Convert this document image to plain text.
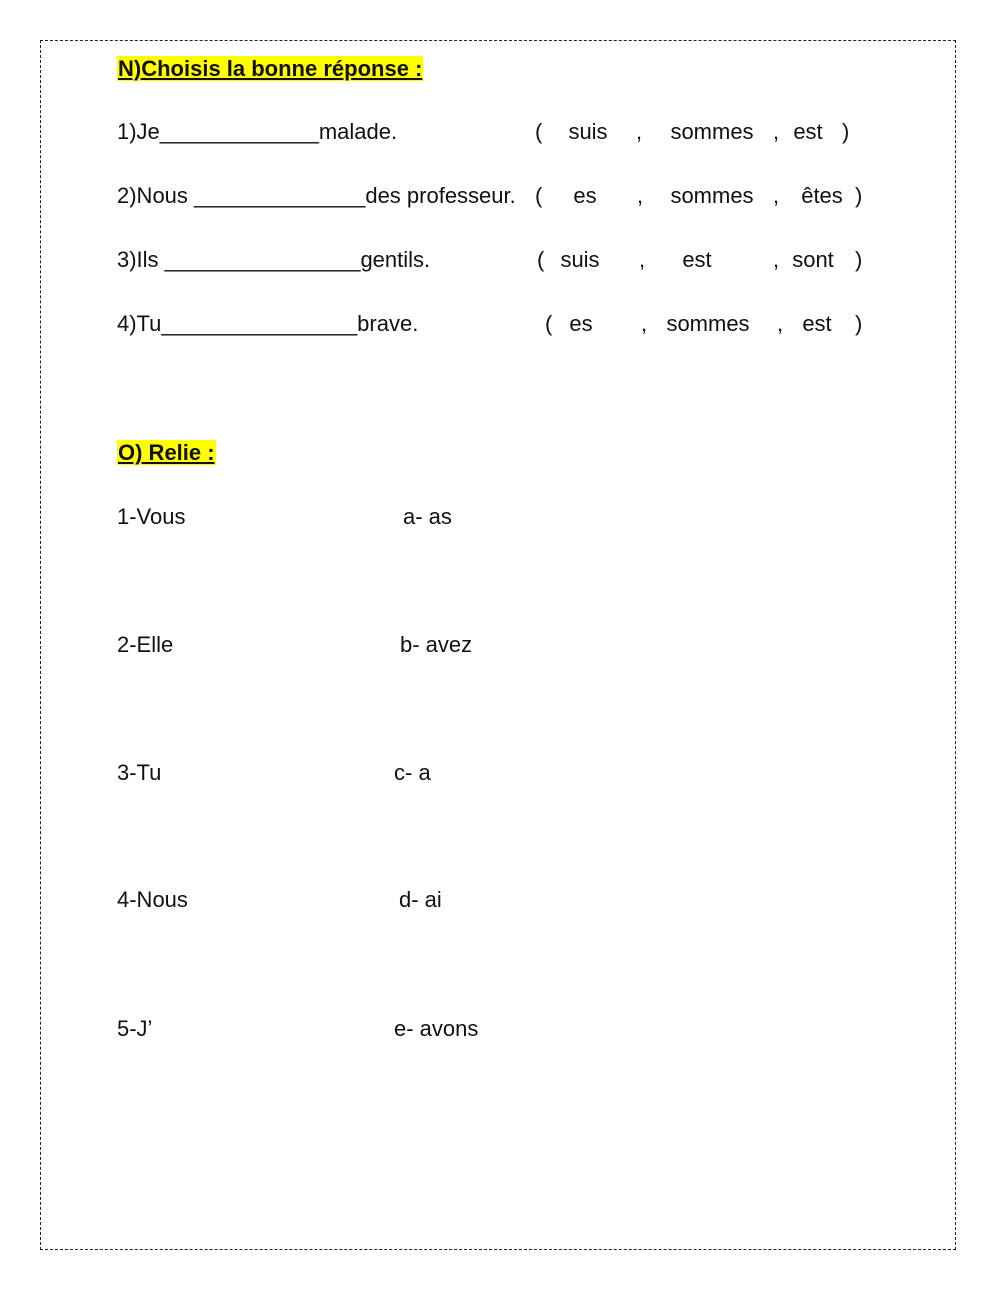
N)Choisis la bonne réponse :
1)Je_____________malade.	(	suis	,	sommes , est )
2)Nous ______________des professeur. (	es	,	sommes , êtes )
3)Ils ________________gentils.	( suis	,	est	, sont )
4)Tu________________brave.	( es	, sommes	, est	)
O) Relie :
1-Vous	a- as
2-Elle	b- avez
3-Tu	c- a
4-Nous	d- ai
5-J’	e- avons
